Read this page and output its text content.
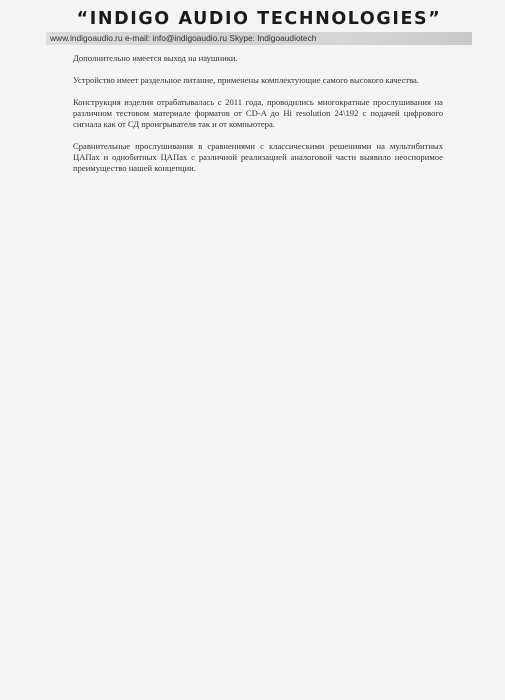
“INDIGO AUDIO TECHNOLOGIES”
www.indigoaudio.ru e-mail: info@indigoaudio.ru Skype: Indigoaudiotech

Дополнительно имеется выход на наушники.

Устройство имеет раздельное питание, применены комплектующие самого высокого качества.

Конструкция изделия отрабатывалась с 2011 года, проводились многократные прослушивания на различном тестовом материале форматов от CD-A до Hi resolution 24\192 с подачей цифрового сигнала как от СД проигрывателя так и от компьютера.

Сравнительные прослушивания в сравнениями с классическими решениями на мультибитных ЦАПах и однобитных ЦАПах с различной реализацией аналоговой части выявило неоспоримое преимущество нашей концепции.
